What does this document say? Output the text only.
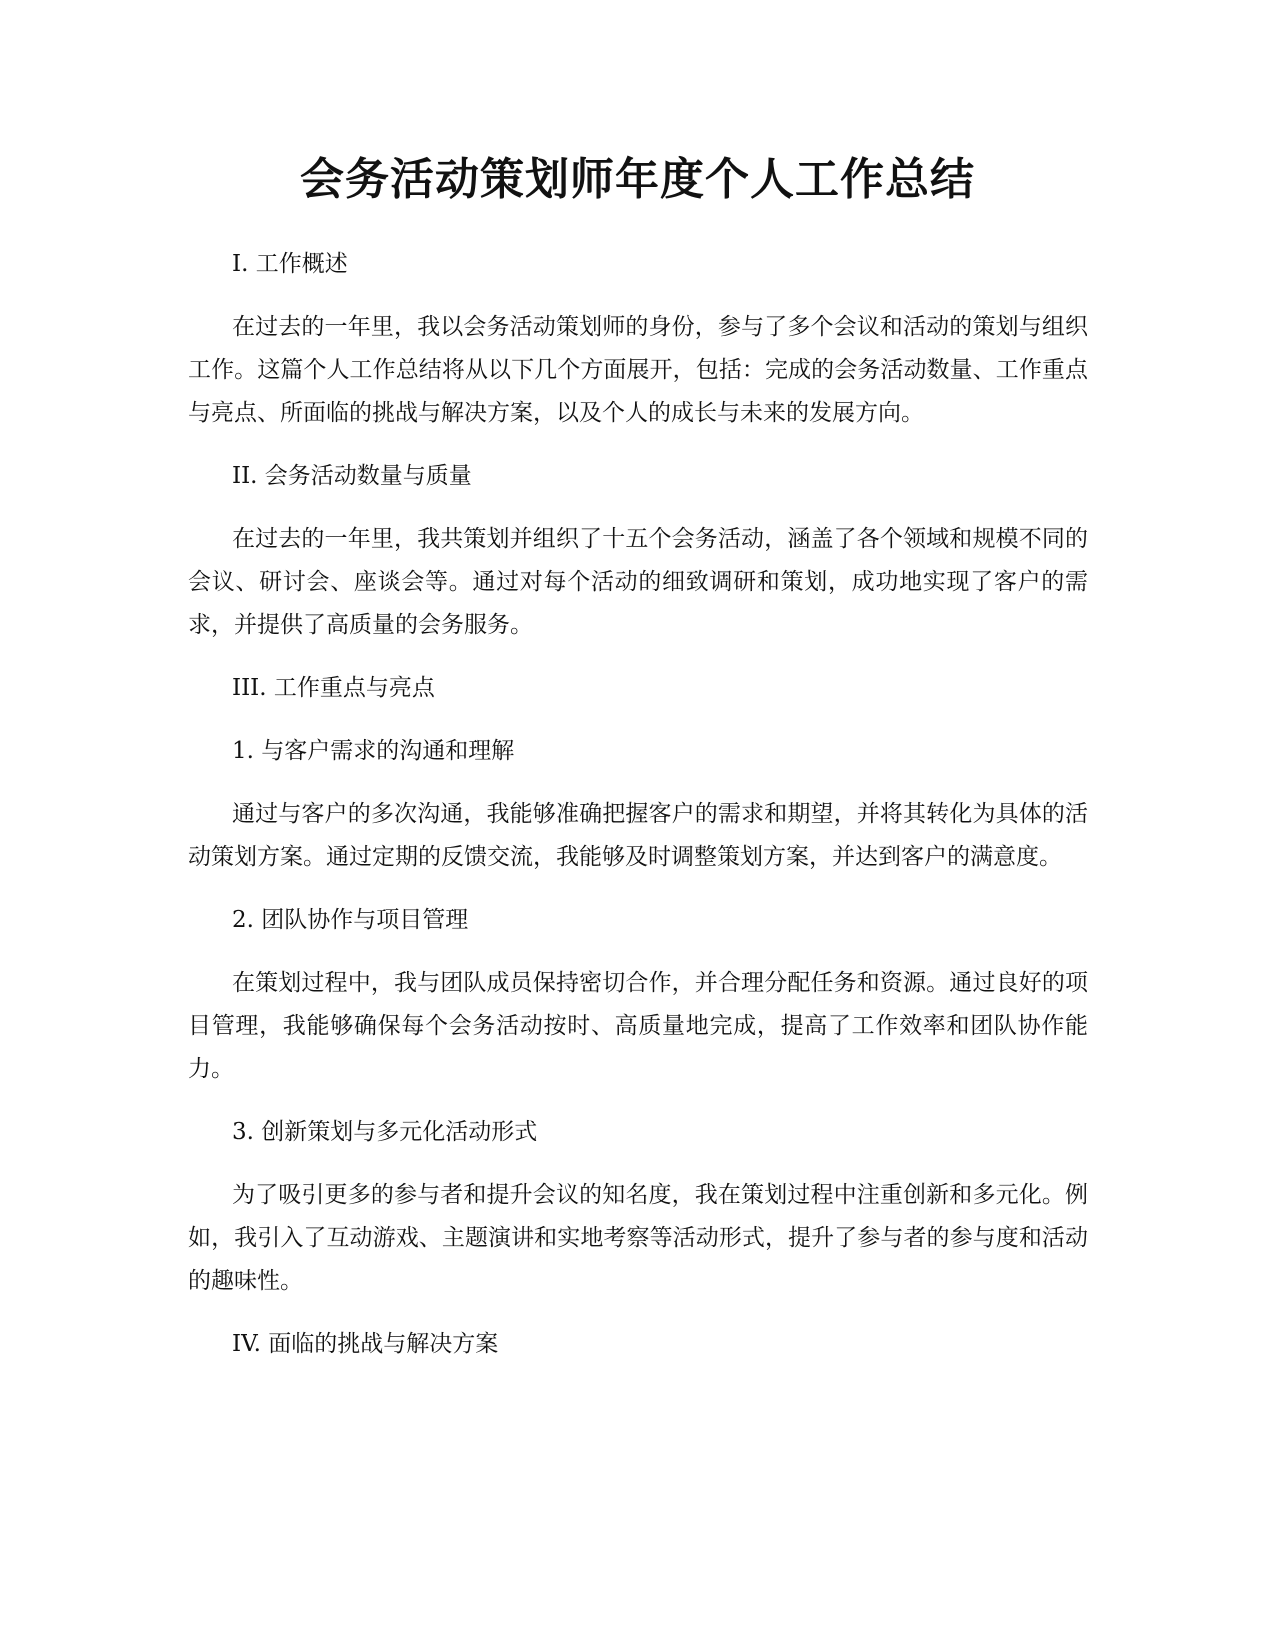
会务活动策划师年度个人工作总结

I. 工作概述

在过去的一年里，我以会务活动策划师的身份，参与了多个会议和活动的策划与组织工作。这篇个人工作总结将从以下几个方面展开，包括：完成的会务活动数量、工作重点与亮点、所面临的挑战与解决方案，以及个人的成长与未来的发展方向。

II. 会务活动数量与质量

在过去的一年里，我共策划并组织了十五个会务活动，涵盖了各个领域和规模不同的会议、研讨会、座谈会等。通过对每个活动的细致调研和策划，成功地实现了客户的需求，并提供了高质量的会务服务。

III. 工作重点与亮点

1. 与客户需求的沟通和理解

通过与客户的多次沟通，我能够准确把握客户的需求和期望，并将其转化为具体的活动策划方案。通过定期的反馈交流，我能够及时调整策划方案，并达到客户的满意度。

2. 团队协作与项目管理

在策划过程中，我与团队成员保持密切合作，并合理分配任务和资源。通过良好的项目管理，我能够确保每个会务活动按时、高质量地完成，提高了工作效率和团队协作能力。

3. 创新策划与多元化活动形式

为了吸引更多的参与者和提升会议的知名度，我在策划过程中注重创新和多元化。例如，我引入了互动游戏、主题演讲和实地考察等活动形式，提升了参与者的参与度和活动的趣味性。

IV. 面临的挑战与解决方案
